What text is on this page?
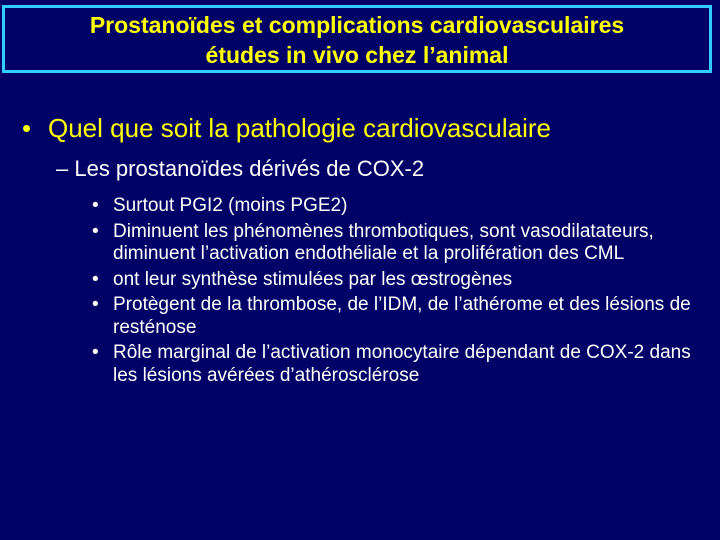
Prostanoïdes et complications cardiovasculaires
études in vivo chez l’animal
• Quel que soit la pathologie cardiovasculaire
– Les prostanoïdes dérivés de COX-2
• Surtout PGI2 (moins PGE2)
• Diminuent les phénomènes thrombotiques, sont vasodilatateurs, diminuent l’activation endothéliale et la prolifération des CML
• ont leur synthèse stimulées par les œstrogènes
• Protègent de la thrombose, de l’IDM, de l’athérome et des lésions de resténose
• Rôle marginal de l’activation monocytaire dépendant de COX-2 dans les lésions avérées d’athérosclérose
